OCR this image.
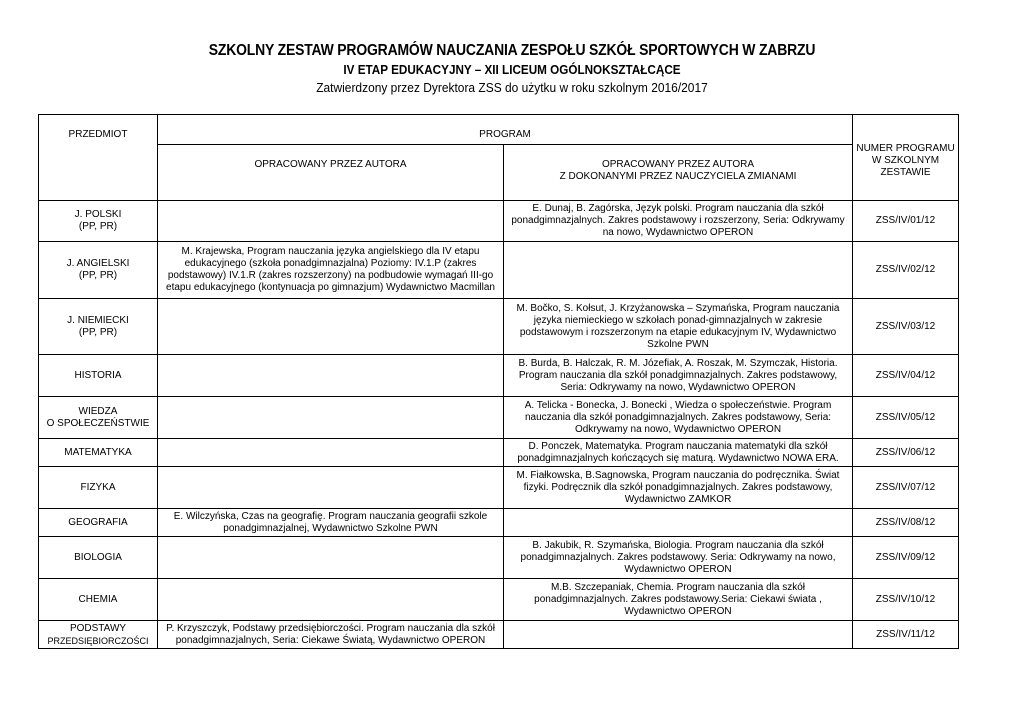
SZKOLNY ZESTAW PROGRAMÓW NAUCZANIA ZESPOŁU SZKÓŁ SPORTOWYCH W ZABRZU
IV ETAP EDUKACYJNY – XII LICEUM OGÓLNOKSZTAŁCĄCE
Zatwierdzony przez Dyrektora ZSS do użytku w roku szkolnym 2016/2017
PRZEDMIOT	PROGRAM		NUMER PROGRAMU W SZKOLNYM ZESTAWIE
	OPRACOWANY PRZEZ AUTORA	OPRACOWANY PRZEZ AUTORA
Z DOKONANYMI PRZEZ NAUCZYCIELA ZMIANAMI	

J. POLSKI
(PP, PR)		E. Dunaj, B. Zagórska, Język polski. Program nauczania dla szkół ponadgimnazjalnych. Zakres podstawowy i rozszerzony, Seria: Odkrywamy na nowo, Wydawnictwo OPERON	ZSS/IV/01/12

J. ANGIELSKI
(PP, PR)	M. Krajewska, Program nauczania języka angielskiego dla IV etapu edukacyjnego (szkoła ponadgimnazjalna) Poziomy: IV.1.P (zakres podstawowy) IV.1.R (zakres rozszerzony) na podbudowie wymagań III-go etapu edukacyjnego (kontynuacja po gimnazjum) Wydawnictwo Macmillan		ZSS/IV/02/12

J. NIEMIECKI
(PP, PR)		M. Bočko, S. Kołsut, J. Krzyżanowska – Szymańska, Program nauczania języka niemieckiego w szkołach ponad-gimnazjalnych w zakresie podstawowym i rozszerzonym na etapie edukacyjnym IV, Wydawnictwo Szkolne PWN	ZSS/IV/03/12

HISTORIA		B. Burda, B. Halczak, R. M. Józefiak, A. Roszak, M. Szymczak, Historia. Program nauczania dla szkół ponadgimnazjalnych. Zakres podstawowy, Seria: Odkrywamy na nowo, Wydawnictwo OPERON	ZSS/IV/04/12

WIEDZA
O SPOŁECZEŃSTWIE		A. Telicka - Bonecka, J. Bonecki , Wiedza o społeczeństwie. Program nauczania dla szkół ponadgimnazjalnych. Zakres podstawowy, Seria: Odkrywamy na nowo, Wydawnictwo OPERON	ZSS/IV/05/12

MATEMATYKA		D. Ponczek, Matematyka. Program nauczania matematyki dla szkół ponadgimnazjalnych kończących się maturą. Wydawnictwo NOWA ERA.	ZSS/IV/06/12

FIZYKA		M. Fiałkowska, B.Sagnowska, Program nauczania do podręcznika. Świat fizyki. Podręcznik dla szkół ponadgimnazjalnych. Zakres podstawowy, Wydawnictwo ZAMKOR	ZSS/IV/07/12

GEOGRAFIA	E. Wilczyńska, Czas na geografię. Program nauczania geografii szkole ponadgimnazjalnej, Wydawnictwo Szkolne PWN		ZSS/IV/08/12

BIOLOGIA		B. Jakubik, R. Szymańska, Biologia. Program nauczania dla szkół ponadgimnazjalnych. Zakres podstawowy. Seria: Odkrywamy na nowo, Wydawnictwo OPERON	ZSS/IV/09/12

CHEMIA		M.B. Szczepaniak, Chemia. Program nauczania dla szkół ponadgimnazjalnych. Zakres podstawowy.Seria: Ciekawi świata , Wydawnictwo OPERON	ZSS/IV/10/12

PODSTAWY
PRZEDSIĘBIORCZOŚCI	P. Krzyszczyk, Podstawy przedsiębiorczości. Program nauczania dla szkół ponadgimnazjalnych, Seria: Ciekawe Światą, Wydawnictwo OPERON		ZSS/IV/11/12
